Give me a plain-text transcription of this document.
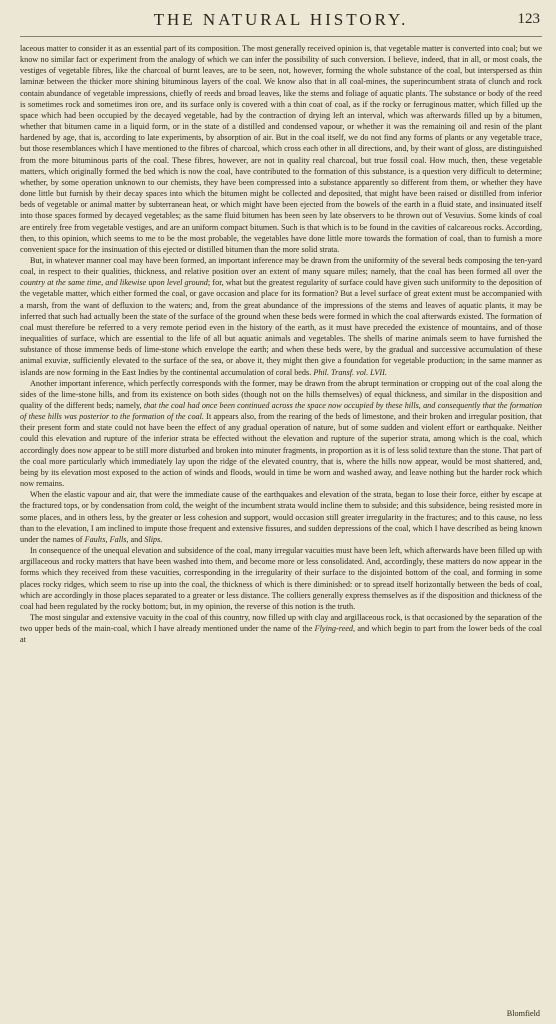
THE NATURAL HISTORY.	123

laceous matter to consider it as an essential part of its composition. The most generally received opinion is, that vegetable matter is converted into coal; but we know no similar fact or experiment from the analogy of which we can infer the possibility of such conversion. I believe, indeed, that in all, or most coals, the vestiges of vegetable fibres, like the charcoal of burnt leaves, are to be seen, not, however, forming the whole substance of the coal, but interspersed as thin laminæ between the thicker more shining bituminous layers of the coal. We know also that in all coal-mines, the superincumbent strata of clunch and rock contain abundance of vegetable impressions, chiefly of reeds and broad leaves, like the stems and foliage of aquatic plants. The substance or body of the reed is sometimes rock and sometimes iron ore, and its surface only is covered with a thin coat of coal, as if the rocky or ferruginous matter, which filled up the space which had been occupied by the decayed vegetable, had by the contraction of drying left an interval, which was afterwards filled up by a bitumen, whether that bitumen came in a liquid form, or in the state of a distilled and condensed vapour, or whether it was the remaining oil and resin of the plant hardened by age, that is, according to late experiments, by absorption of air. But in the coal itself, we do not find any forms of plants or any vegetable trace, but those resemblances which I have mentioned to the fibres of charcoal, which cross each other in all directions, and, by their want of gloss, are distinguished from the more bituminous parts of the coal. These fibres, however, are not in quality real charcoal, but true fossil coal. How much, then, these vegetable matters, which originally formed the bed which is now the coal, have contributed to the formation of this substance, is a question very difficult to determine; whether, by some operation unknown to our chemists, they have been compressed into a substance apparently so different from them, or whether they have done little but furnish by their decay spaces into which the bitumen might be collected and deposited, that might have been raised or distilled from inferior beds of vegetable or animal matter by subterranean heat, or which might have been ejected from the bowels of the earth in a fluid state, and insinuated itself into those spaces formed by decayed vegetables; as the same fluid bitumen has been seen by late observers to be thrown out of Vesuvius. Some kinds of coal are entirely free from vegetable vestiges, and are an uniform compact bitumen. Such is that which is to be found in the cavities of calcareous rocks. According, then, to this opinion, which seems to me to be the most probable, the vegetables have done little more towards the formation of coal, than to furnish a more convenient space for the insinuation of this ejected or distilled bitumen than the more solid strata.

But, in whatever manner coal may have been formed, an important inference may be drawn from the uniformity of the several beds composing the ten-yard coal, in respect to their qualities, thickness, and relative position over an extent of many square miles; namely, that the coal has been formed all over the country at the same time, and likewise upon level ground; for, what but the greatest regularity of surface could have given such uniformity to the deposition of the vegetable matter, which either formed the coal, or gave occasion and place for its formation? But a level surface of great extent must be accompanied with a marsh, from the want of defluxion to the waters; and, from the great abundance of the impressions of the stems and leaves of aquatic plants, it may be inferred that such had actually been the state of the surface of the ground when these beds were formed in which the coal afterwards existed. The formation of coal must therefore be referred to a very remote period even in the history of the earth, as it must have preceded the existence of mountains, and of those inequalities of surface, which are essential to the life of all but aquatic animals and vegetables. The shells of marine animals seem to have furnished the substance of those immense beds of lime-stone which envelope the earth; and when these beds were, by the gradual and successive accumulation of these animal exuviæ, sufficiently elevated to the surface of the sea, or above it, they might then give a foundation for vegetable production; in the same manner as islands are now forming in the East Indies by the continental accumulation of coral beds. Phil. Transf. vol. LVII.

Another important inference, which perfectly corresponds with the former, may be drawn from the abrupt termination or cropping out of the coal along the sides of the lime-stone hills, and from its existence on both sides (though not on the hills themselves) of equal thickness, and similar in the disposition and quality of the different beds; namely, that the coal had once been continued across the space now occupied by these hills, and consequently that the formation of these hills was posterior to the formation of the coal. It appears also, from the rearing of the beds of limestone, and their broken and irregular position, that their present form and state could not have been the effect of any gradual operation of nature, but of some sudden and violent effort or earthquake. Neither could this elevation and rupture of the inferior strata be effected without the elevation and rupture of the superior strata, among which is the coal, which accordingly does now appear to be still more disturbed and broken into minuter fragments, in proportion as it is of less solid texture than the stone. That part of the coal more particularly which immediately lay upon the ridge of the elevated country, that is, where the hills now appear, would be most shattered, and, being by its elevation most exposed to the action of winds and floods, would in time be worn and washed away, and leave nothing but the harder rock which now remains.

When the elastic vapour and air, that were the immediate cause of the earthquakes and elevation of the strata, began to lose their force, either by escape at the fractured tops, or by condensation from cold, the weight of the incumbent strata would incline them to subside; and this subsidence, being resisted more in some places, and in others less, by the greater or less cohesion and support, would occasion still greater irregularity in the fractures; and to this cause, no less than to the elevation, I am inclined to impute those frequent and extensive fissures, and sudden depressions of the coal, which I have described as being known under the names of Faults, Falls, and Slips.

In consequence of the unequal elevation and subsidence of the coal, many irregular vacuities must have been left, which afterwards have been filled up with argillaceous and rocky matters that have been washed into them, and become more or less consolidated. And, accordingly, these matters do now appear in the forms which they received from these vacuities, corresponding in the irregularity of their surface to the disjointed bottom of the coal, and forming in some places rocky ridges, which seem to rise up into the coal, the thickness of which is there diminished: or to spread itself horizontally between the beds of coal, which are accordingly in those places separated to a greater or less distance. The colliers generally express themselves as if the disposition and thickness of the coal had been regulated by the rocky bottom; but, in my opinion, the reverse of this notion is the truth.

The most singular and extensive vacuity in the coal of this country, now filled up with clay and argillaceous rock, is that occasioned by the separation of the two upper beds of the main-coal, which I have already mentioned under the name of the Flying-reed, and which begin to part from the lower beds of the coal at

Blomfield
